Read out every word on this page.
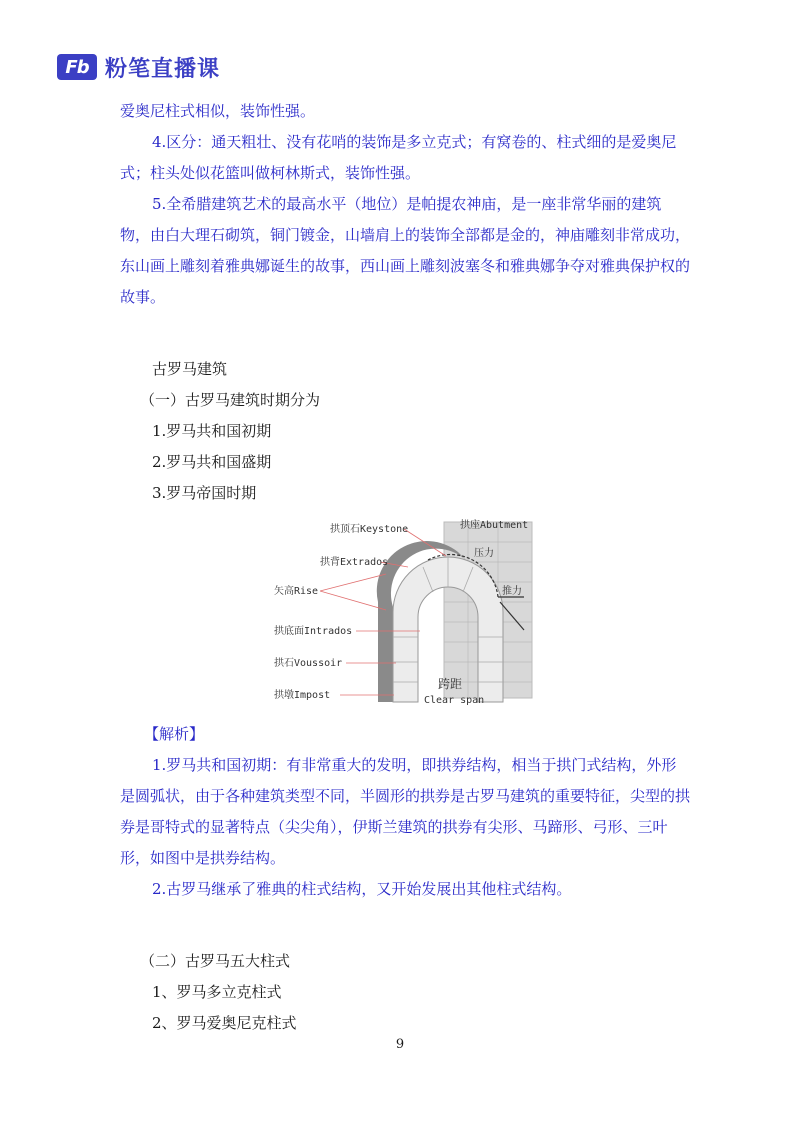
Fb 粉笔直播课

爱奥尼柱式相似，装饰性强。

4.区分：通天粗壮、没有花哨的装饰是多立克式；有窝卷的、柱式细的是爱奥尼式；柱头处似花篮叫做柯林斯式，装饰性强。

5.全希腊建筑艺术的最高水平（地位）是帕提农神庙，是一座非常华丽的建筑物，由白大理石砌筑，铜门镀金，山墙肩上的装饰全部都是金的，神庙雕刻非常成功，东山画上雕刻着雅典娜诞生的故事，西山画上雕刻波塞冬和雅典娜争夺对雅典保护权的故事。

古罗马建筑

（一）古罗马建筑时期分为

1.罗马共和国初期

2.罗马共和国盛期

3.罗马帝国时期

【解析】

1.罗马共和国初期：有非常重大的发明，即拱券结构，相当于拱门式结构，外形是圆弧状，由于各种建筑类型不同，半圆形的拱券是古罗马建筑的重要特征，尖型的拱券是哥特式的显著特点（尖尖角），伊斯兰建筑的拱券有尖形、马蹄形、弓形、三叶形，如图中是拱券结构。

2.古罗马继承了雅典的柱式结构，又开始发展出其他柱式结构。

（二）古罗马五大柱式

1、罗马多立克柱式

2、罗马爱奥尼克柱式

拱顶石Keystone	拱座Abutment
拱背Extrados
压力
矢高Rise	推力
拱底面Intrados
拱石Voussoir
拱墩Impost
跨距
Clear span
9
